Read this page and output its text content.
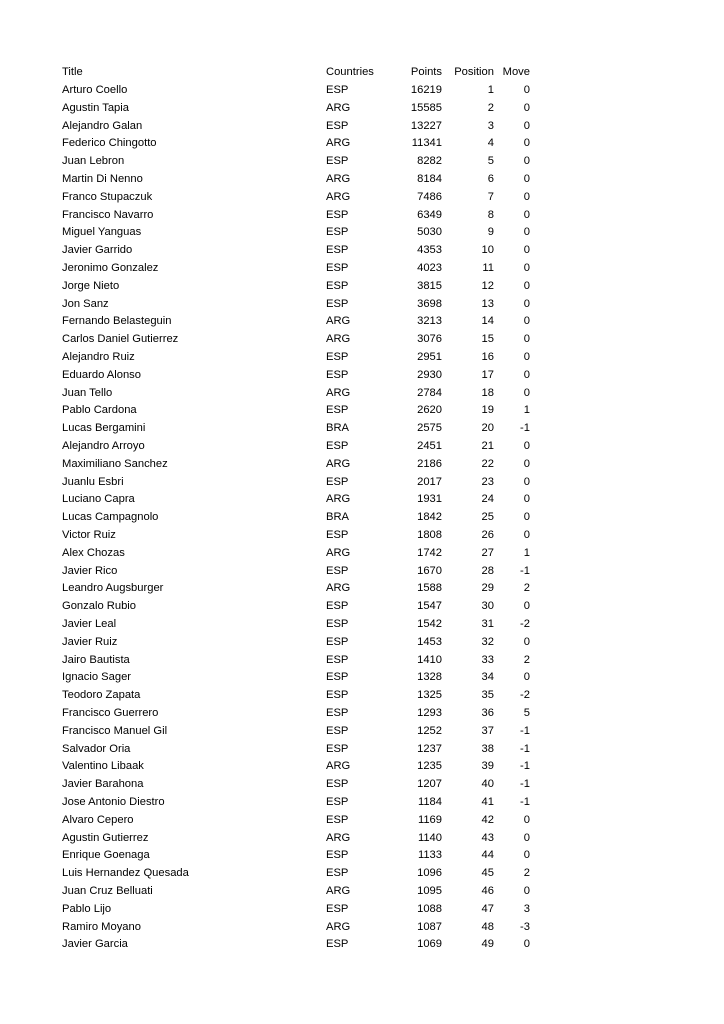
Title	Countries	Points	Position	Move
Arturo Coello	ESP	16219	1	0
Agustin Tapia	ARG	15585	2	0
Alejandro Galan	ESP	13227	3	0
Federico Chingotto	ARG	11341	4	0
Juan Lebron	ESP	8282	5	0
Martin Di Nenno	ARG	8184	6	0
Franco Stupaczuk	ARG	7486	7	0
Francisco Navarro	ESP	6349	8	0
Miguel Yanguas	ESP	5030	9	0
Javier Garrido	ESP	4353	10	0
Jeronimo Gonzalez	ESP	4023	11	0
Jorge Nieto	ESP	3815	12	0
Jon Sanz	ESP	3698	13	0
Fernando Belasteguin	ARG	3213	14	0
Carlos Daniel Gutierrez	ARG	3076	15	0
Alejandro Ruiz	ESP	2951	16	0
Eduardo Alonso	ESP	2930	17	0
Juan Tello	ARG	2784	18	0
Pablo Cardona	ESP	2620	19	1
Lucas Bergamini	BRA	2575	20	-1
Alejandro Arroyo	ESP	2451	21	0
Maximiliano Sanchez	ARG	2186	22	0
Juanlu Esbri	ESP	2017	23	0
Luciano Capra	ARG	1931	24	0
Lucas Campagnolo	BRA	1842	25	0
Victor Ruiz	ESP	1808	26	0
Alex Chozas	ARG	1742	27	1
Javier Rico	ESP	1670	28	-1
Leandro Augsburger	ARG	1588	29	2
Gonzalo Rubio	ESP	1547	30	0
Javier Leal	ESP	1542	31	-2
Javier Ruiz	ESP	1453	32	0
Jairo Bautista	ESP	1410	33	2
Ignacio Sager	ESP	1328	34	0
Teodoro Zapata	ESP	1325	35	-2
Francisco Guerrero	ESP	1293	36	5
Francisco Manuel Gil	ESP	1252	37	-1
Salvador Oria	ESP	1237	38	-1
Valentino Libaak	ARG	1235	39	-1
Javier Barahona	ESP	1207	40	-1
Jose Antonio Diestro	ESP	1184	41	-1
Alvaro Cepero	ESP	1169	42	0
Agustin Gutierrez	ARG	1140	43	0
Enrique Goenaga	ESP	1133	44	0
Luis Hernandez Quesada	ESP	1096	45	2
Juan Cruz Belluati	ARG	1095	46	0
Pablo Lijo	ESP	1088	47	3
Ramiro Moyano	ARG	1087	48	-3
Javier Garcia	ESP	1069	49	0
